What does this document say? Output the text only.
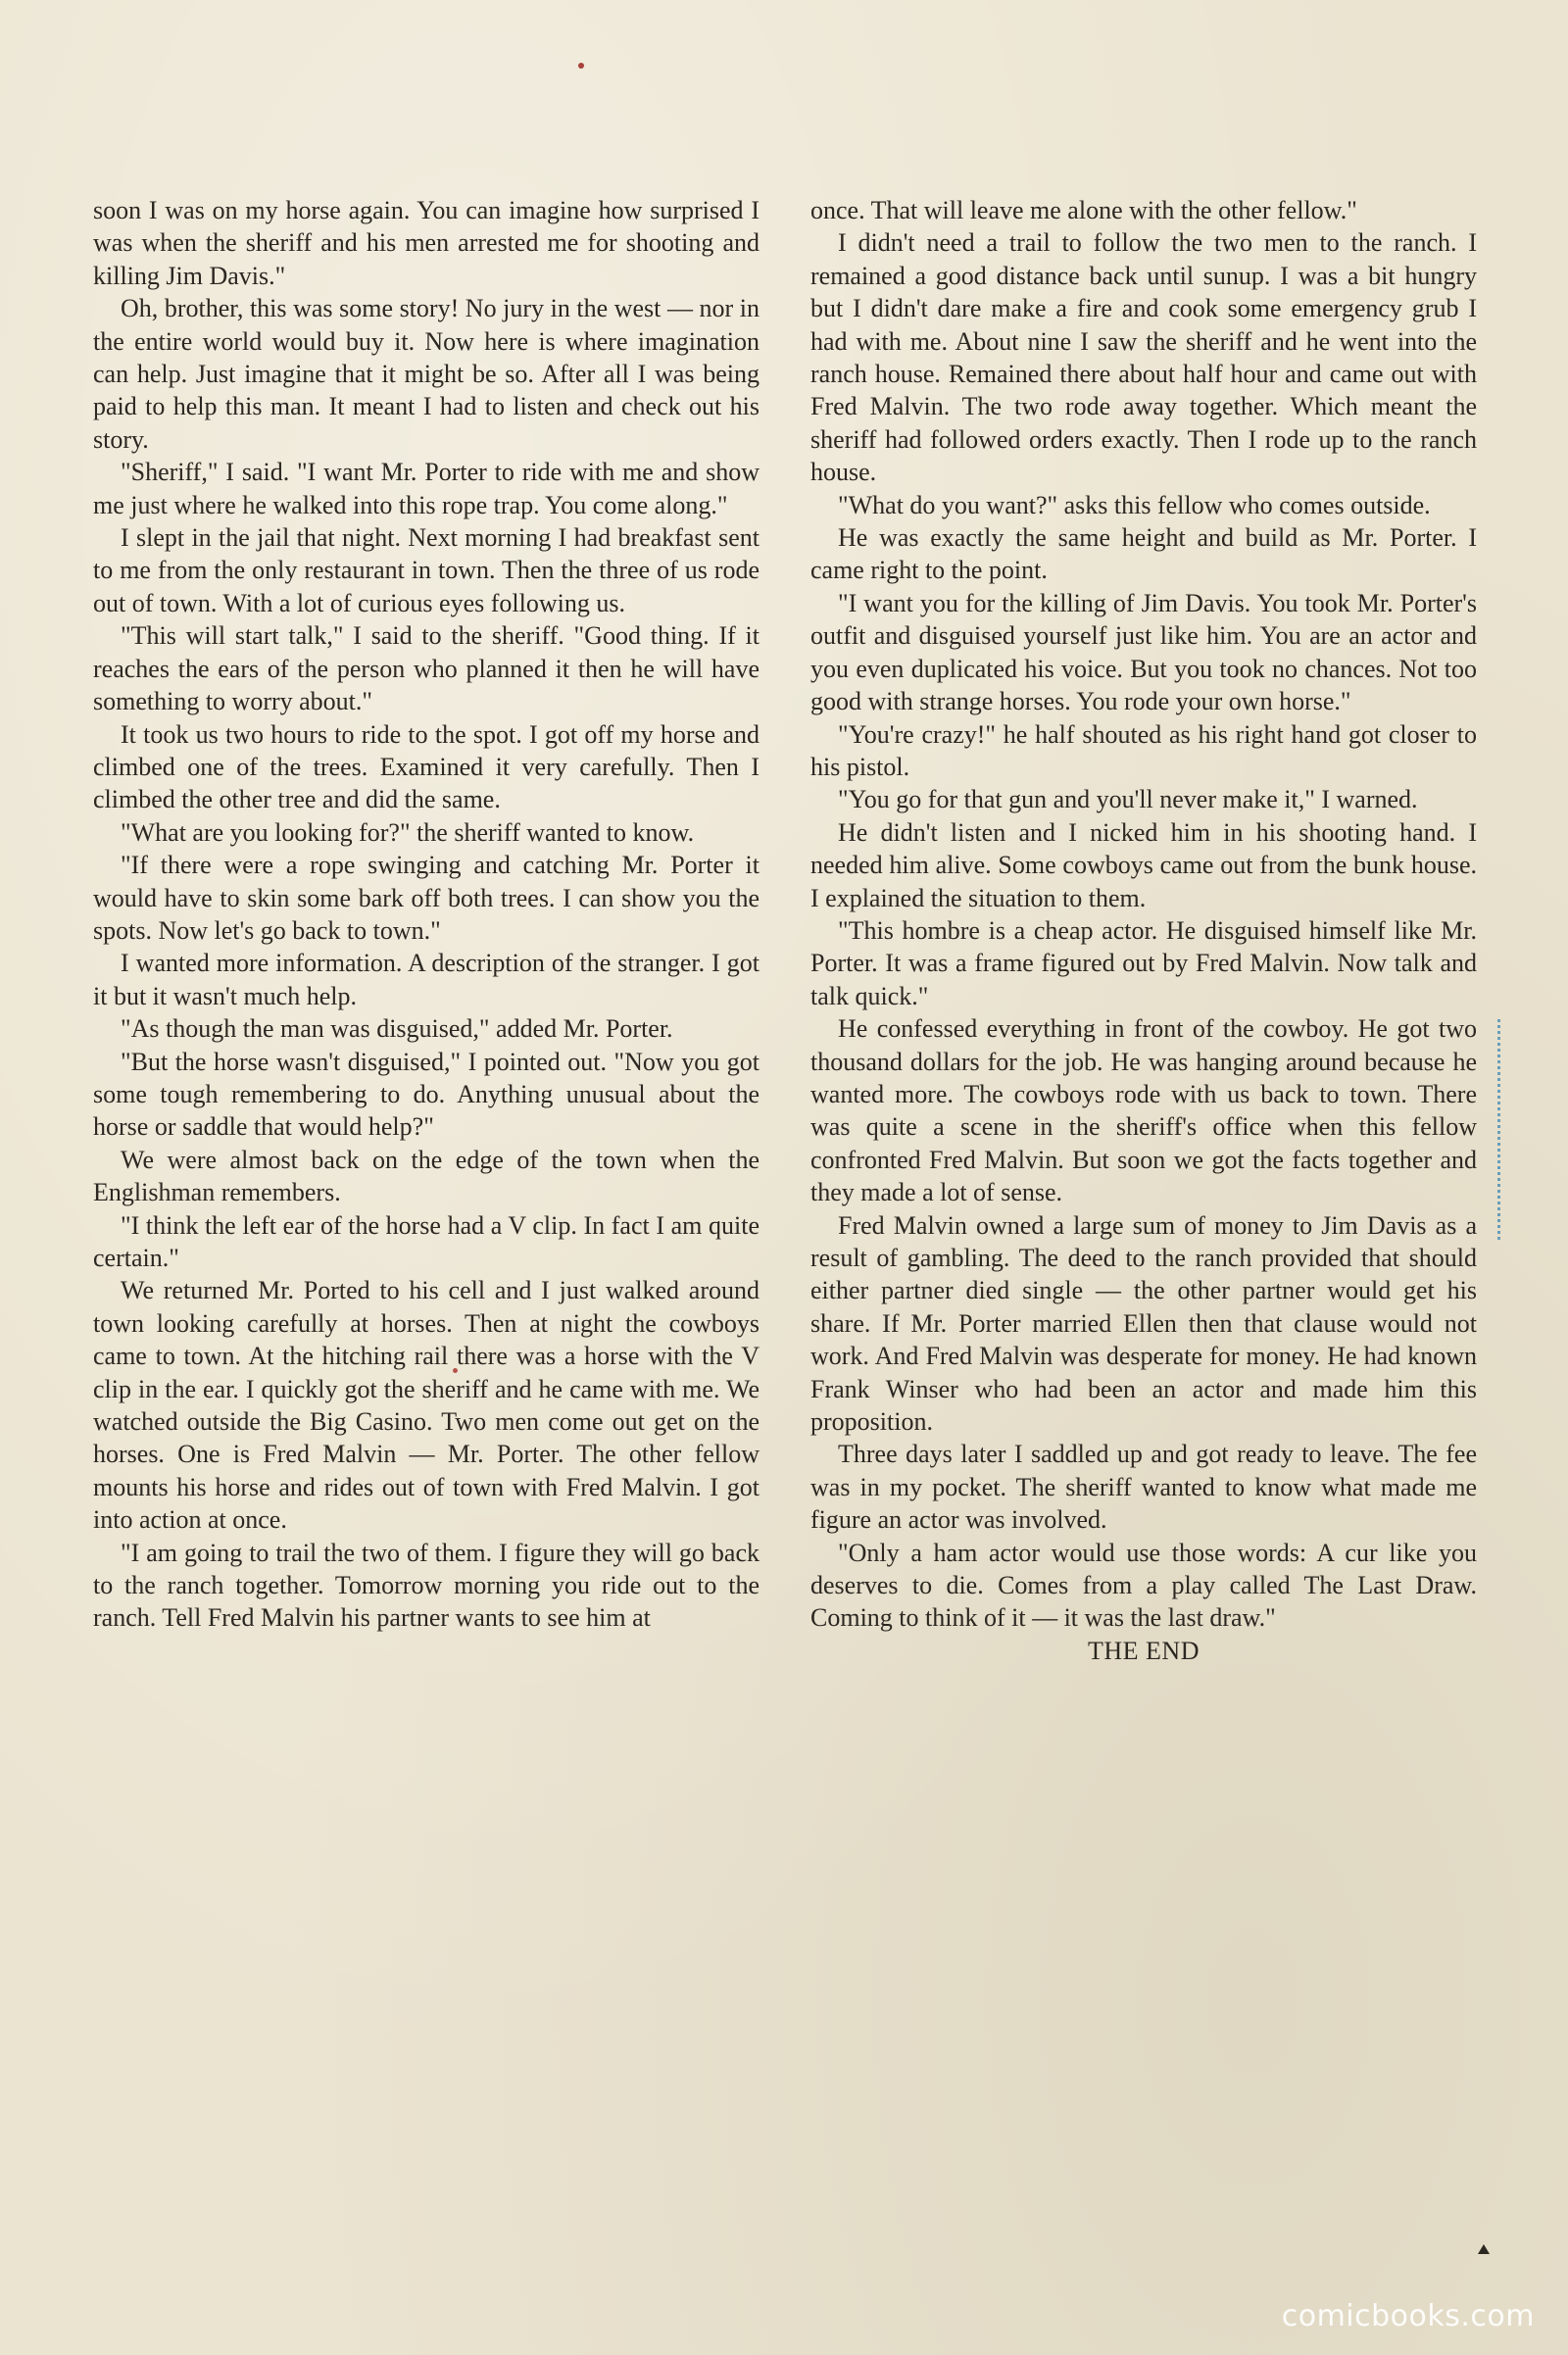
soon I was on my horse again. You can imagine how surprised I was when the sheriff and his men arrested me for shooting and killing Jim Davis."

Oh, brother, this was some story! No jury in the west — nor in the entire world would buy it. Now here is where imagination can help. Just imagine that it might be so. After all I was being paid to help this man. It meant I had to listen and check out his story.

"Sheriff," I said. "I want Mr. Porter to ride with me and show me just where he walked into this rope trap. You come along."

I slept in the jail that night. Next morning I had breakfast sent to me from the only restaurant in town. Then the three of us rode out of town. With a lot of curious eyes following us.

"This will start talk," I said to the sheriff. "Good thing. If it reaches the ears of the person who planned it then he will have something to worry about."

It took us two hours to ride to the spot. I got off my horse and climbed one of the trees. Examined it very carefully. Then I climbed the other tree and did the same.

"What are you looking for?" the sheriff wanted to know.

"If there were a rope swinging and catching Mr. Porter it would have to skin some bark off both trees. I can show you the spots. Now let's go back to town."

I wanted more information. A description of the stranger. I got it but it wasn't much help.

"As though the man was disguised," added Mr. Porter.

"But the horse wasn't disguised," I pointed out. "Now you got some tough remembering to do. Anything unusual about the horse or saddle that would help?"

We were almost back on the edge of the town when the Englishman remembers.

"I think the left ear of the horse had a V clip. In fact I am quite certain."

We returned Mr. Ported to his cell and I just walked around town looking carefully at horses. Then at night the cowboys came to town. At the hitching rail there was a horse with the V clip in the ear. I quickly got the sheriff and he came with me. We watched outside the Big Casino. Two men come out get on the horses. One is Fred Malvin — Mr. Porter. The other fellow mounts his horse and rides out of town with Fred Malvin. I got into action at once.

"I am going to trail the two of them. I figure they will go back to the ranch together. Tomorrow morning you ride out to the ranch. Tell Fred Malvin his partner wants to see him at

once. That will leave me alone with the other fellow."

I didn't need a trail to follow the two men to the ranch. I remained a good distance back until sunup. I was a bit hungry but I didn't dare make a fire and cook some emergency grub I had with me. About nine I saw the sheriff and he went into the ranch house. Remained there about half hour and came out with Fred Malvin. The two rode away together. Which meant the sheriff had followed orders exactly. Then I rode up to the ranch house.

"What do you want?" asks this fellow who comes outside.

He was exactly the same height and build as Mr. Porter. I came right to the point.

"I want you for the killing of Jim Davis. You took Mr. Porter's outfit and disguised yourself just like him. You are an actor and you even duplicated his voice. But you took no chances. Not too good with strange horses. You rode your own horse."

"You're crazy!" he half shouted as his right hand got closer to his pistol.

"You go for that gun and you'll never make it," I warned.

He didn't listen and I nicked him in his shooting hand. I needed him alive. Some cowboys came out from the bunk house. I explained the situation to them.

"This hombre is a cheap actor. He disguised himself like Mr. Porter. It was a frame figured out by Fred Malvin. Now talk and talk quick."

He confessed everything in front of the cowboy. He got two thousand dollars for the job. He was hanging around because he wanted more. The cowboys rode with us back to town. There was quite a scene in the sheriff's office when this fellow confronted Fred Malvin. But soon we got the facts together and they made a lot of sense.

Fred Malvin owned a large sum of money to Jim Davis as a result of gambling. The deed to the ranch provided that should either partner died single — the other partner would get his share. If Mr. Porter married Ellen then that clause would not work. And Fred Malvin was desperate for money. He had known Frank Winser who had been an actor and made him this proposition.

Three days later I saddled up and got ready to leave. The fee was in my pocket. The sheriff wanted to know what made me figure an actor was involved.

"Only a ham actor would use those words: A cur like you deserves to die. Comes from a play called The Last Draw. Coming to think of it — it was the last draw."

THE END

comicbooks.com
